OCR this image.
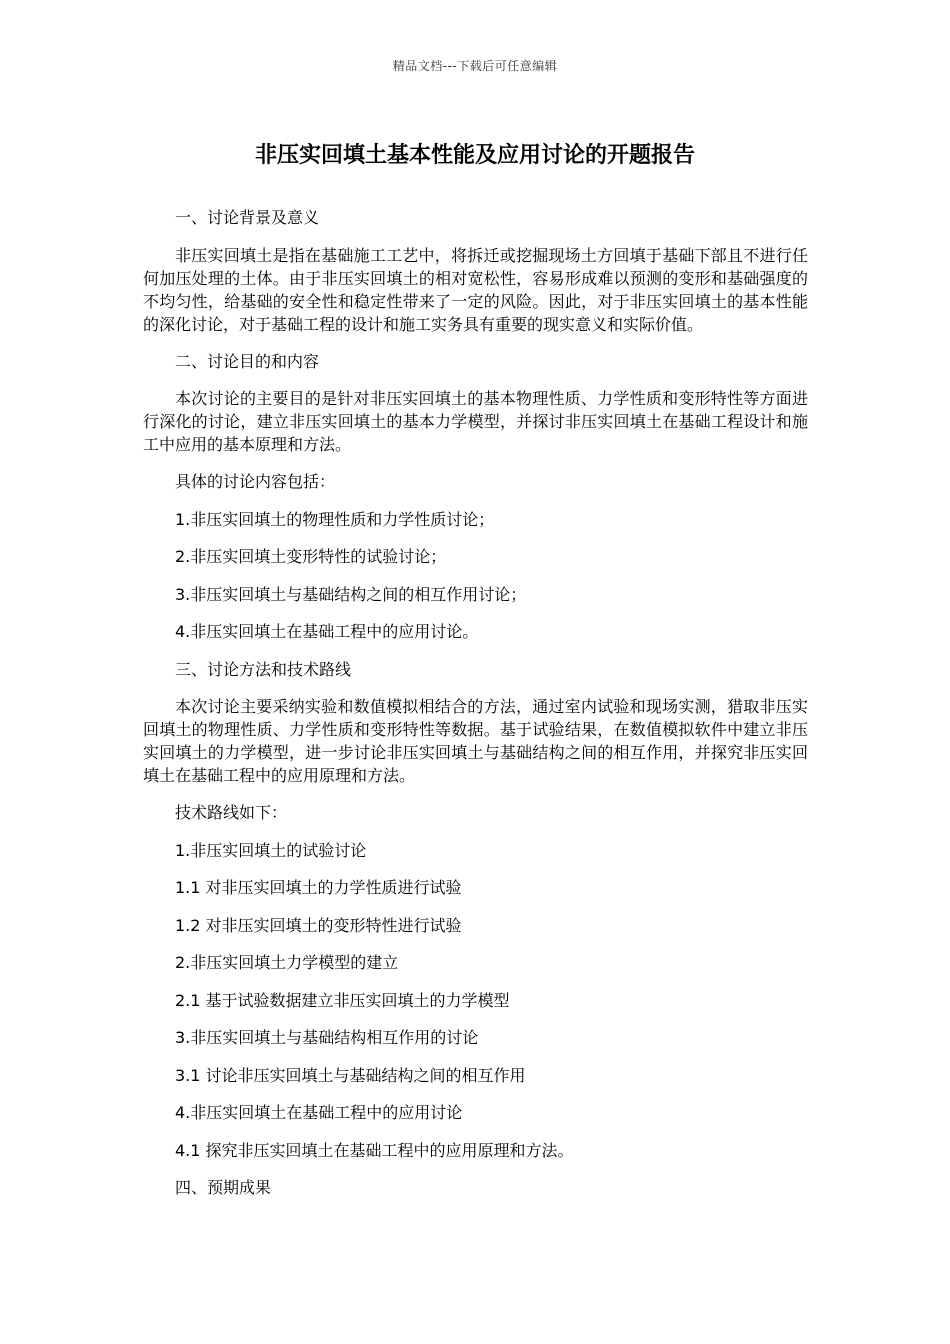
精品文档---下载后可任意编辑
非压实回填土基本性能及应用讨论的开题报告

一、讨论背景及意义

非压实回填土是指在基础施工工艺中，将拆迁或挖掘现场土方回填于基础下部且不进行任何加压处理的土体。由于非压实回填土的相对宽松性，容易形成难以预测的变形和基础强度的不均匀性，给基础的安全性和稳定性带来了一定的风险。因此，对于非压实回填土的基本性能的深化讨论，对于基础工程的设计和施工实务具有重要的现实意义和实际价值。

二、讨论目的和内容

本次讨论的主要目的是针对非压实回填土的基本物理性质、力学性质和变形特性等方面进行深化的讨论，建立非压实回填土的基本力学模型，并探讨非压实回填土在基础工程设计和施工中应用的基本原理和方法。

具体的讨论内容包括：

1.非压实回填土的物理性质和力学性质讨论；

2.非压实回填土变形特性的试验讨论；

3.非压实回填土与基础结构之间的相互作用讨论；

4.非压实回填土在基础工程中的应用讨论。

三、讨论方法和技术路线

本次讨论主要采纳实验和数值模拟相结合的方法，通过室内试验和现场实测，猎取非压实回填土的物理性质、力学性质和变形特性等数据。基于试验结果，在数值模拟软件中建立非压实回填土的力学模型，进一步讨论非压实回填土与基础结构之间的相互作用，并探究非压实回填土在基础工程中的应用原理和方法。

技术路线如下：

1.非压实回填土的试验讨论

1.1 对非压实回填土的力学性质进行试验

1.2 对非压实回填土的变形特性进行试验

2.非压实回填土力学模型的建立

2.1 基于试验数据建立非压实回填土的力学模型

3.非压实回填土与基础结构相互作用的讨论

3.1 讨论非压实回填土与基础结构之间的相互作用

4.非压实回填土在基础工程中的应用讨论

4.1 探究非压实回填土在基础工程中的应用原理和方法。

四、预期成果
